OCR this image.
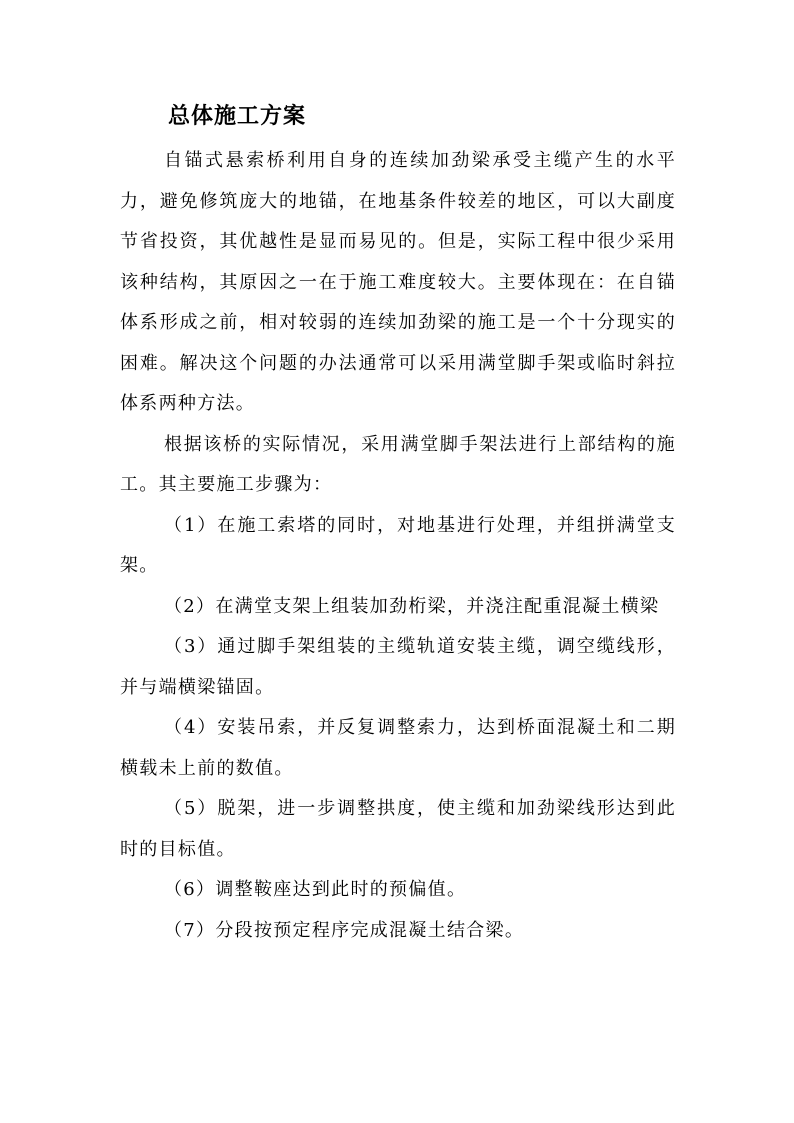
总体施工方案

自锚式悬索桥利用自身的连续加劲梁承受主缆产生的水平力，避免修筑庞大的地锚，在地基条件较差的地区，可以大副度节省投资，其优越性是显而易见的。但是，实际工程中很少采用该种结构，其原因之一在于施工难度较大。主要体现在：在自锚体系形成之前，相对较弱的连续加劲梁的施工是一个十分现实的困难。解决这个问题的办法通常可以采用满堂脚手架或临时斜拉体系两种方法。

根据该桥的实际情况，采用满堂脚手架法进行上部结构的施工。其主要施工步骤为：

（1）在施工索塔的同时，对地基进行处理，并组拼满堂支架。

（2）在满堂支架上组装加劲桁梁，并浇注配重混凝土横梁

（3）通过脚手架组装的主缆轨道安装主缆，调空缆线形，并与端横梁锚固。

（4）安装吊索，并反复调整索力，达到桥面混凝土和二期横载未上前的数值。

（5）脱架，进一步调整拱度，使主缆和加劲梁线形达到此时的目标值。

（6）调整鞍座达到此时的预偏值。

（7）分段按预定程序完成混凝土结合梁。
